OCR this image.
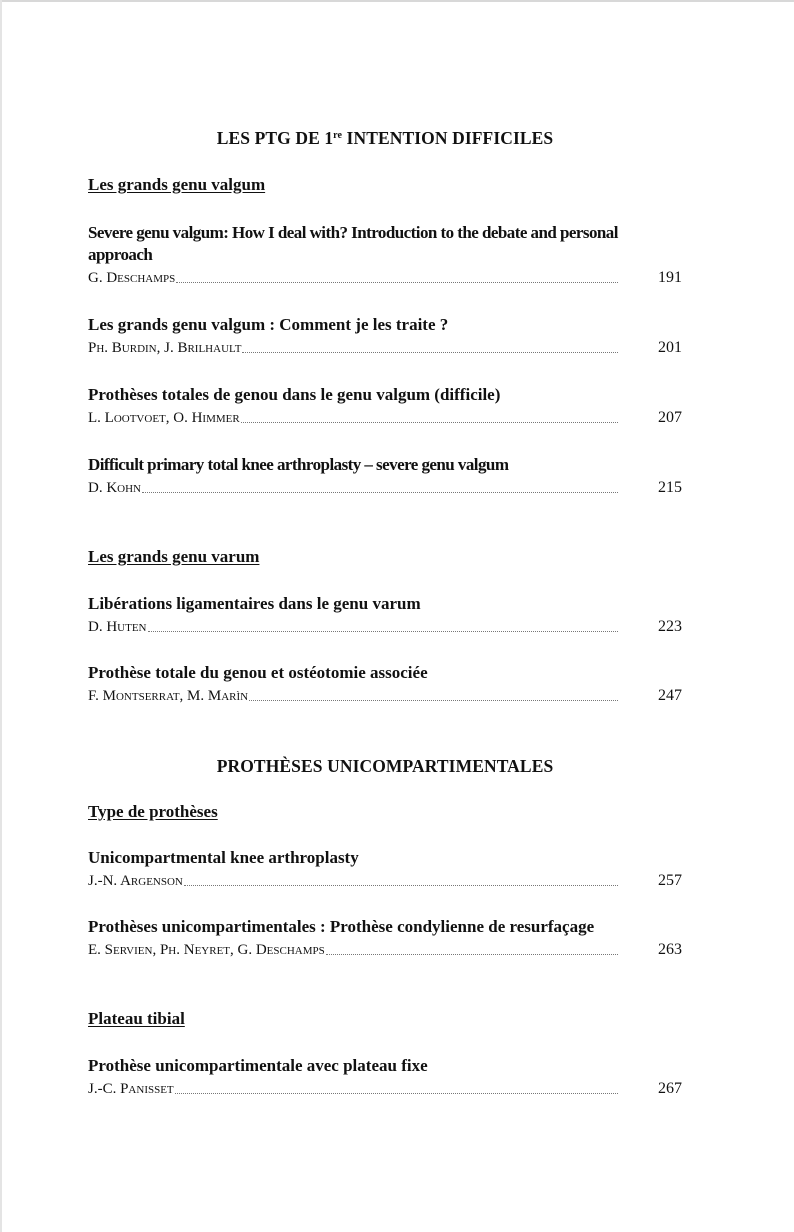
LES PTG DE 1re INTENTION DIFFICILES
Les grands genu valgum
Severe genu valgum: How I deal with? Introduction to the debate and personal approach
G. Deschamps	191
Les grands genu valgum : Comment je les traite ?
Ph. Burdin, J. Brilhault	201
Prothèses totales de genou dans le genu valgum (difficile)
L. Lootvoet, O. Himmer	207
Difficult primary total knee arthroplasty – severe genu valgum
D. Kohn	215
Les grands genu varum
Libérations ligamentaires dans le genu varum
D. Huten	223
Prothèse totale du genou et ostéotomie associée
F. Montserrat, M. Marìn	247
PROTHÈSES UNICOMPARTIMENTALES
Type de prothèses
Unicompartmental knee arthroplasty
J.-N. Argenson	257
Prothèses unicompartimentales : Prothèse condylienne de resurfaçage
E. Servien, Ph. Neyret, G. Deschamps	263
Plateau tibial
Prothèse unicompartimentale avec plateau fixe
J.-C. Panisset	267
